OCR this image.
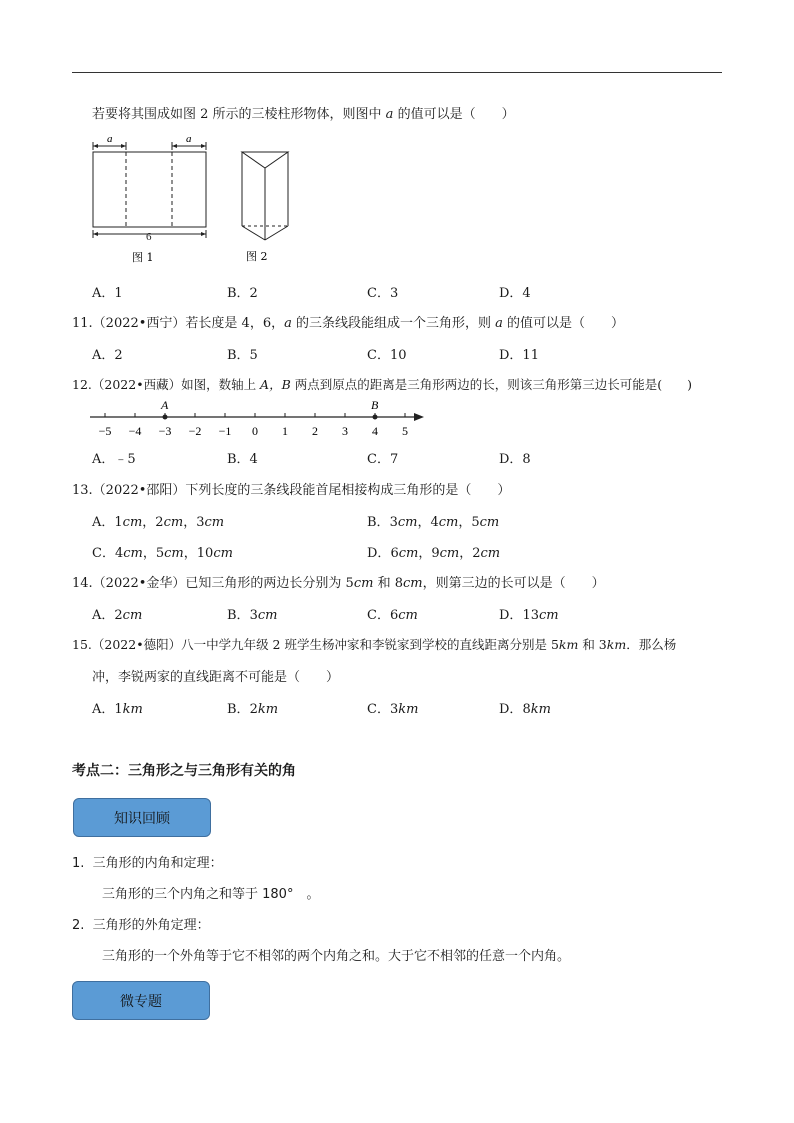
若要将其围成如图 2 所示的三棱柱形物体，则图中 a 的值可以是（　　）
a	a
6
图 1	图 2
A．1	B．2	C．3	D．4
11.（2022•西宁）若长度是 4，6，a 的三条线段能组成一个三角形，则 a 的值可以是（　　）
A．2	B．5	C．10	D．11
12.（2022•西藏）如图，数轴上 A，B 两点到原点的距离是三角形两边的长，则该三角形第三边长可能是(　　)
−5 −4 −3 −2 −1 0 1 2 3 4 5
A	B
A．﹣5	B．4	C．7	D．8
13.（2022•邵阳）下列长度的三条线段能首尾相接构成三角形的是（　　）
A．1cm，2cm，3cm	B．3cm，4cm，5cm
C．4cm，5cm，10cm	D．6cm，9cm，2cm
14.（2022•金华）已知三角形的两边长分别为 5cm 和 8cm，则第三边的长可以是（　　）
A．2cm	B．3cm	C．6cm	D．13cm
15.（2022•德阳）八一中学九年级 2 班学生杨冲家和李锐家到学校的直线距离分别是 5km 和 3km．那么杨
冲，李锐两家的直线距离不可能是（　　）
A．1km	B．2km	C．3km	D．8km
考点二：三角形之与三角形有关的角
知识回顾
1. 三角形的内角和定理：
三角形的三个内角之和等于 180°　。
2. 三角形的外角定理：
三角形的一个外角等于它不相邻的两个内角之和。大于它不相邻的任意一个内角。
微专题
